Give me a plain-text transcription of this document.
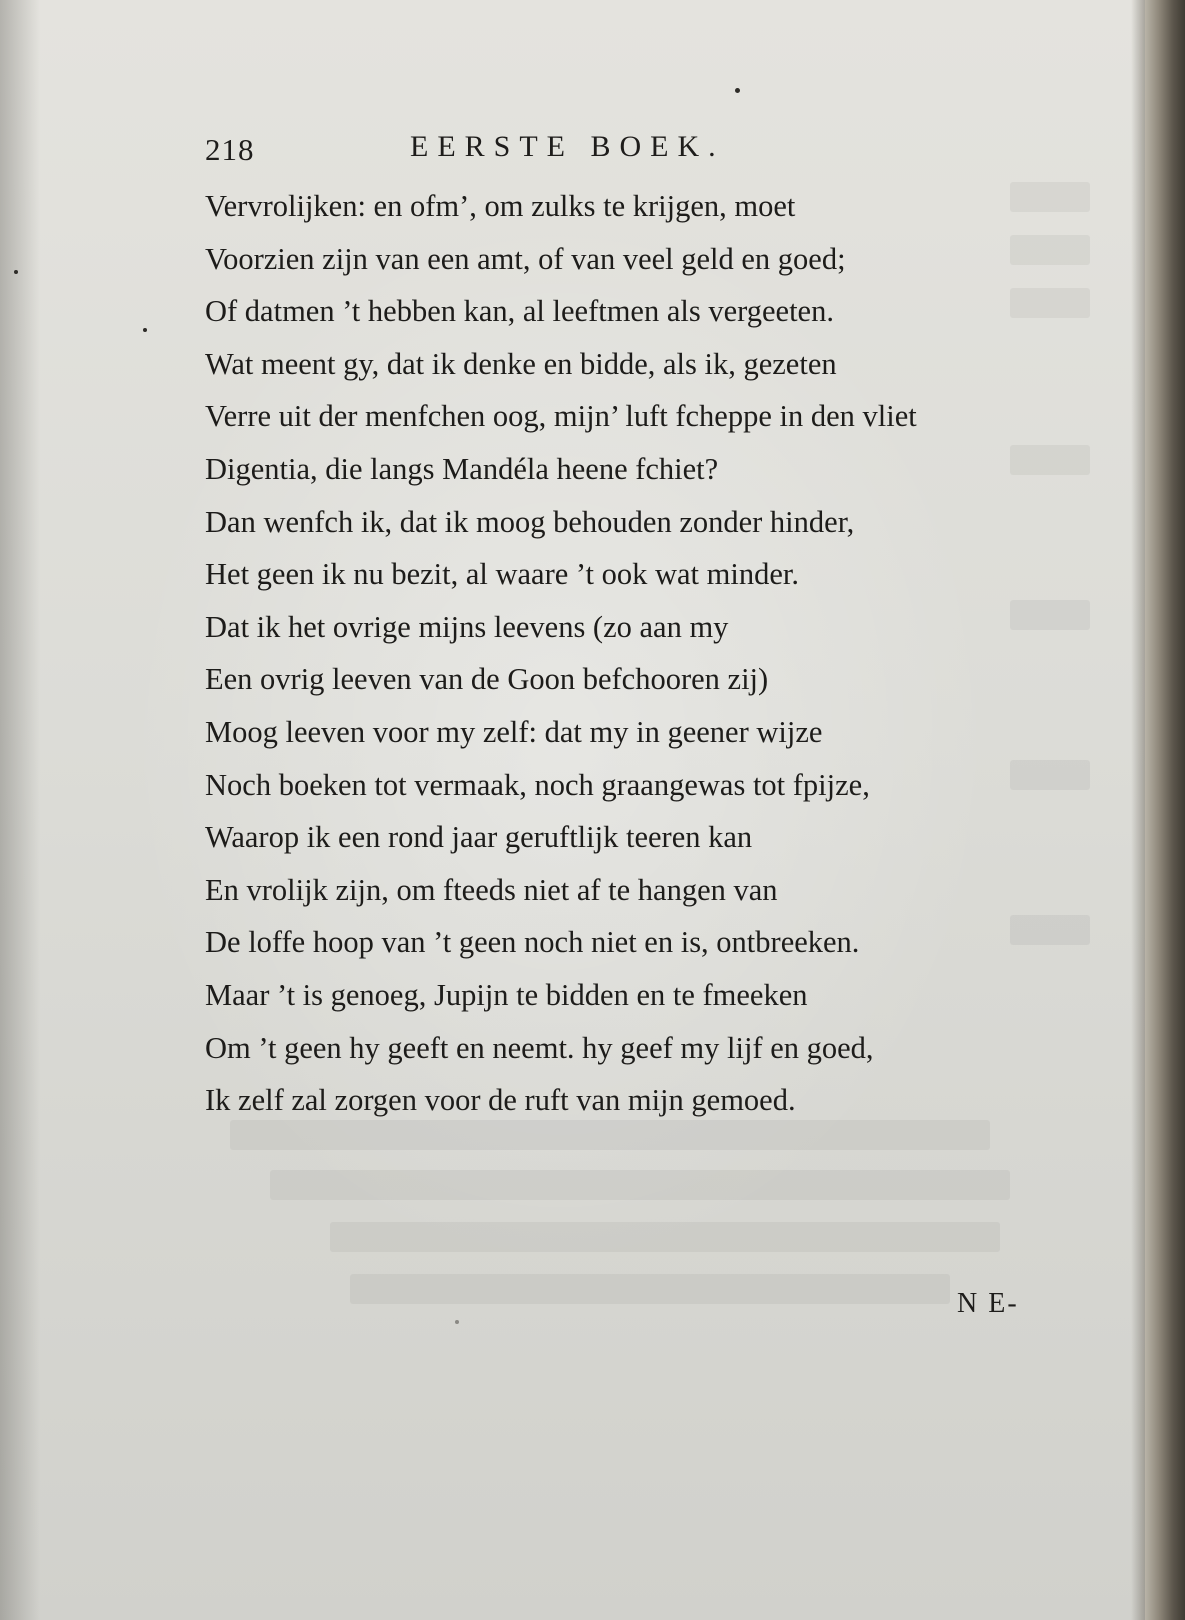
218	EERSTE BOEK.
Vervrolijken: en ofm’, om zulks te krijgen, moet
Voorzien zijn van een amt, of van veel geld en goed;
Of datmen ’t hebben kan, al leeftmen als vergeeten.
Wat meent gy, dat ik denke en bidde, als ik, gezeten
Verre uit der menfchen oog, mijn’ luft fcheppe in den vliet
Digentia, die langs Mandéla heene fchiet?
Dan wenfch ik, dat ik moog behouden zonder hinder,
Het geen ik nu bezit, al waare ’t ook wat minder.
Dat ik het ovrige mijns leevens (zo aan my
Een ovrig leeven van de Goon befchooren zij)
Moog leeven voor my zelf: dat my in geener wijze
Noch boeken tot vermaak, noch graangewas tot fpijze,
Waarop ik een rond jaar geruftlijk teeren kan
En vrolijk zijn, om fteeds niet af te hangen van
De loffe hoop van ’t geen noch niet en is, ontbreeken.
Maar ’t is genoeg, Jupijn te bidden en te fmeeken
Om ’t geen hy geeft en neemt. hy geef my lijf en goed,
Ik zelf zal zorgen voor de ruft van mijn gemoed.
N E-
